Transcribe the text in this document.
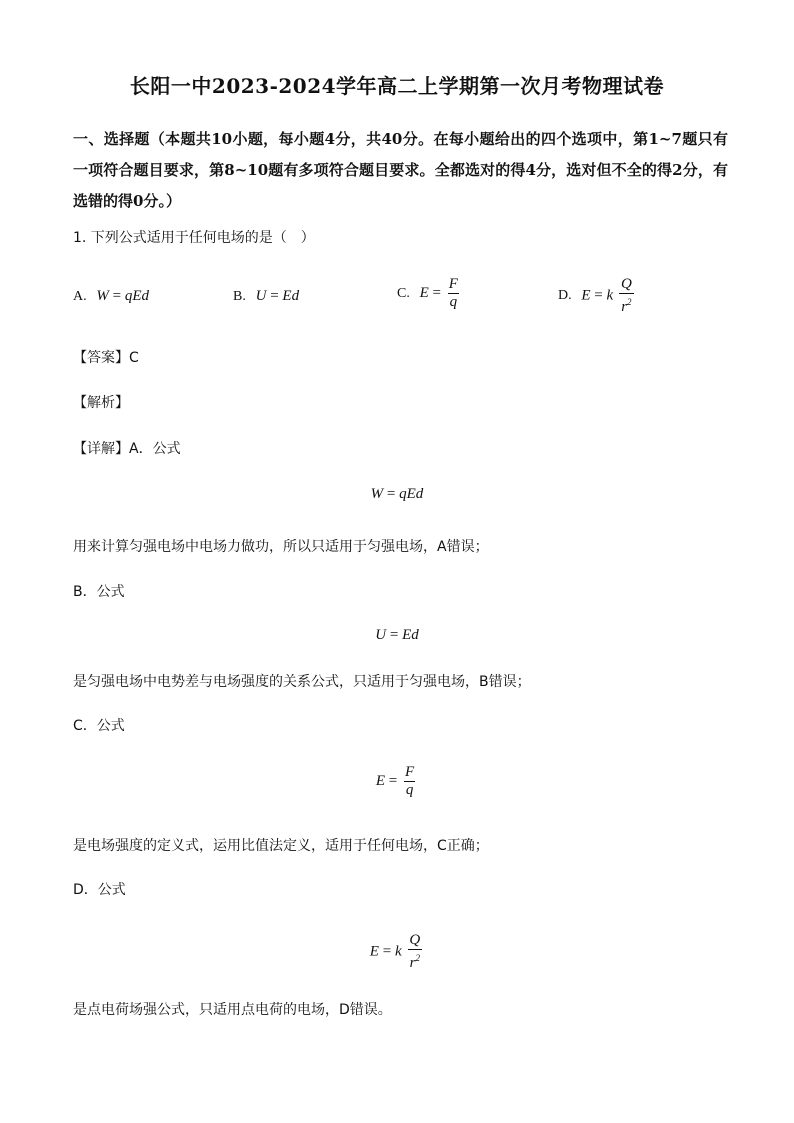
长阳一中2023-2024学年高二上学期第一次月考物理试卷
一、选择题（本题共10小题，每小题4分，共40分。在每小题给出的四个选项中，第1~7题只有一项符合题目要求，第8~10题有多项符合题目要求。全都选对的得4分，选对但不全的得2分，有选错的得0分。）
1. 下列公式适用于任何电场的是（　）
A. W = qEd	B. U = Ed	C. $E = \frac{F}{q}$	D. E = k $\frac{Q}{r^2}$
【答案】C
【解析】
【详解】A．公式
W = qEd
用来计算匀强电场中电场力做功，所以只适用于匀强电场，A错误；
B．公式
U = Ed
是匀强电场中电势差与电场强度的关系公式，只适用于匀强电场，B错误；
C．公式
$E = \frac{F}{q}$
是电场强度的定义式，运用比值法定义，适用于任何电场，C正确；
D．公式
E = k $\frac{Q}{r^2}$
是点电荷场强公式，只适用点电荷的电场，D错误。
